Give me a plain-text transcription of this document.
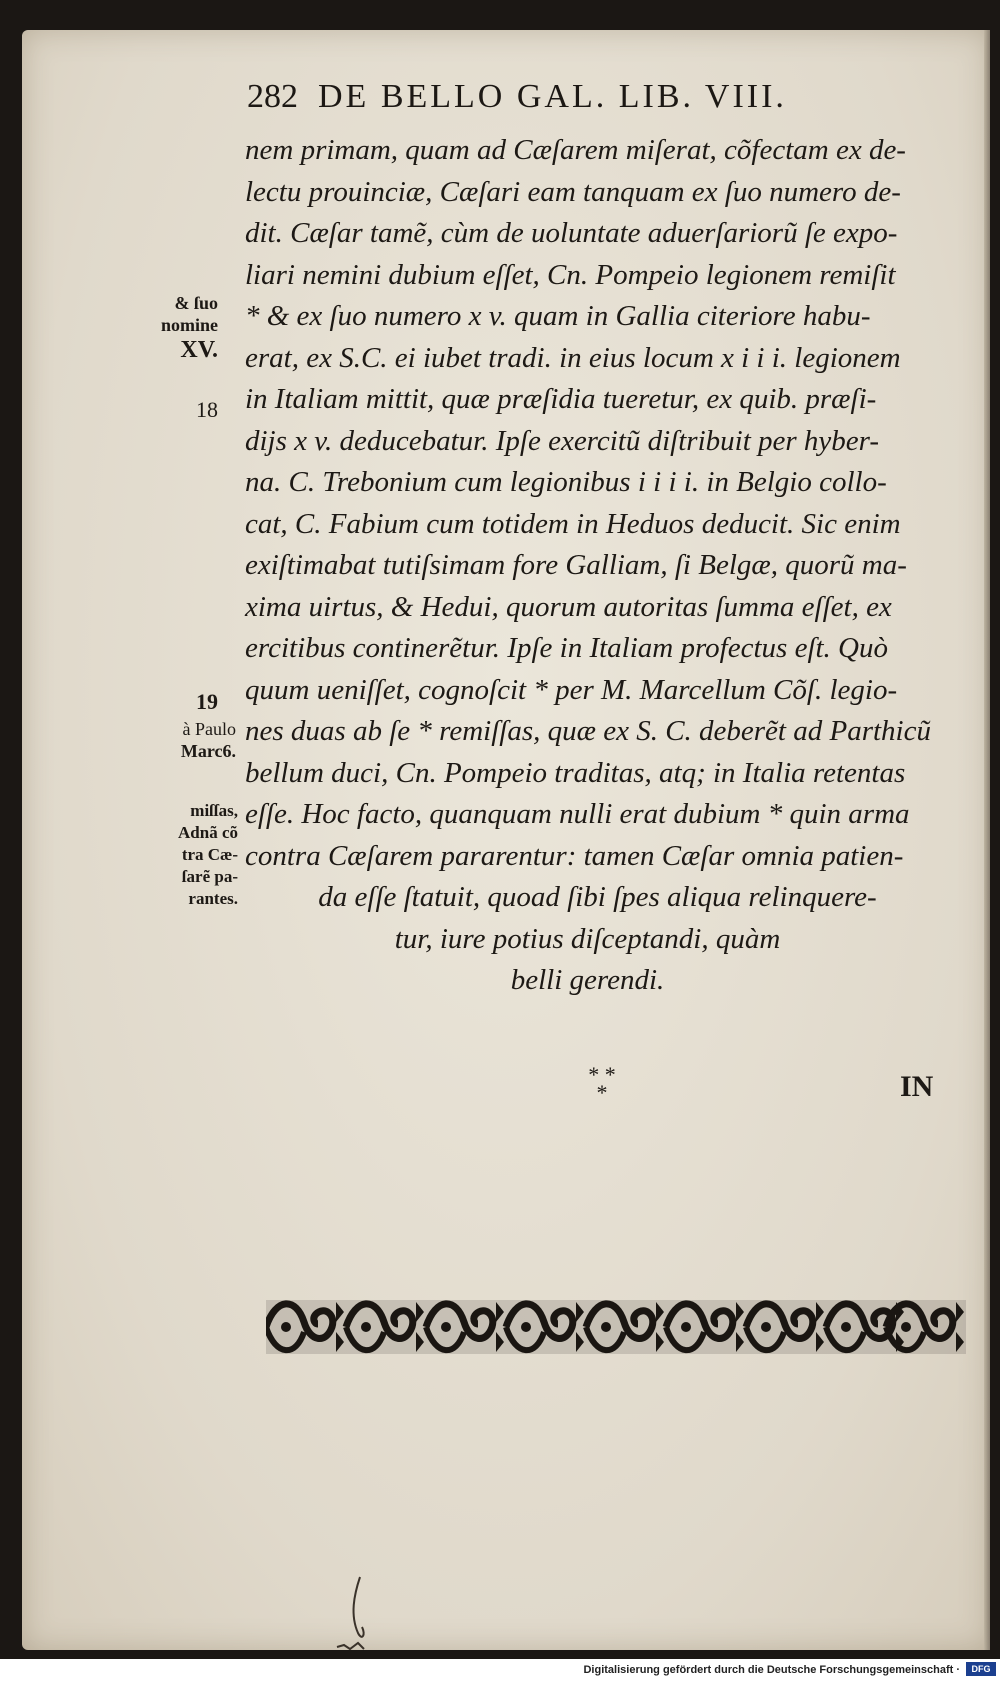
282 DE BELLO GAL. LIB. VIII.
nem primam, quam ad Cæſarem miſerat, cõfectam ex de-
lectu prouinciæ, Cæſari eam tanquam ex ſuo numero de-
dit. Cæſar tamẽ, cùm de uoluntate aduerſariorũ ſe expo-
liari nemini dubium eſſet, Cn. Pompeio legionem remiſit
* & ex ſuo numero x v. quam in Gallia citeriore habu-
erat, ex S.C. ei iubet tradi. in eius locum x i i i. legionem
in Italiam mittit, quæ præſidia tueretur, ex quib. præſi-
dijs x v. deducebatur. Ipſe exercitũ diſtribuit per hyber-
na. C. Trebonium cum legionibus i i i i. in Belgio collo-
cat, C. Fabium cum totidem in Heduos deducit. Sic enim
exiſtimabat tutiſsimam fore Galliam, ſi Belgæ, quorũ ma-
xima uirtus, & Hedui, quorum autoritas ſumma eſſet, ex
ercitibus continerẽtur. Ipſe in Italiam profectus eſt. Quò
quum ueniſſet, cognoſcit * per M. Marcellum Cõſ. legio-
nes duas ab ſe * remiſſas, quæ ex S. C. deberẽt ad Parthicũ
bellum duci, Cn. Pompeio traditas, atq; in Italia retentas
eſſe. Hoc facto, quanquam nulli erat dubium * quin arma
contra Cæſarem pararentur: tamen Cæſar omnia patien-
da eſſe ſtatuit, quoad ſibi ſpes aliqua relinquere-
tur, iure potius diſceptandi, quàm
belli gerendi.
& ſuo
nomine
XV.
18
19
à Paulo
Marc6.
miſſas,
Adnã cõ
tra Cæ-
ſarẽ pa-
rantes.
* *
*	IN
Digitalisierung gefördert durch die Deutsche Forschungsgemeinschaft ·	DFG
